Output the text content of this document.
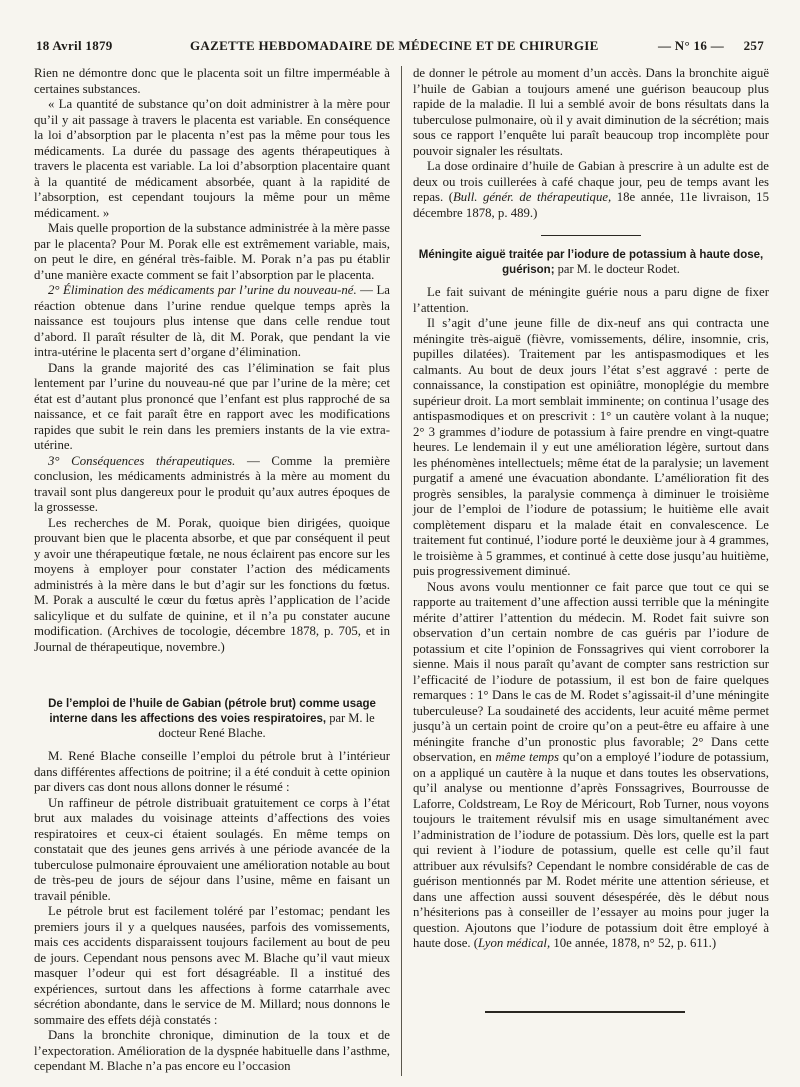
18 Avril 1879	GAZETTE HEBDOMADAIRE DE MÉDECINE ET DE CHIRURGIE	— N° 16 —	257

Rien ne démontre donc que le placenta soit un filtre imperméable à certaines substances.

« La quantité de substance qu’on doit administrer à la mère pour qu’il y ait passage à travers le placenta est variable. En conséquence la loi d’absorption par le placenta n’est pas la même pour tous les médicaments. La durée du passage des agents thérapeutiques à travers le placenta est variable. La loi d’absorption placentaire quant à la quantité de médicament absorbée, quant à la rapidité de l’absorption, est cependant toujours la même pour un même médicament. »

Mais quelle proportion de la substance administrée à la mère passe par le placenta? Pour M. Porak elle est extrêmement variable, mais, on peut le dire, en général très-faible. M. Porak n’a pas pu établir d’une manière exacte comment se fait l’absorption par le placenta.

2° Élimination des médicaments par l’urine du nouveau-né. — La réaction obtenue dans l’urine rendue quelque temps après la naissance est toujours plus intense que dans celle rendue tout d’abord. Il paraît résulter de là, dit M. Porak, que pendant la vie intra-utérine le placenta sert d’organe d’élimination.

Dans la grande majorité des cas l’élimination se fait plus lentement par l’urine du nouveau-né que par l’urine de la mère; cet état est d’autant plus prononcé que l’enfant est plus rapproché de sa naissance, et ce fait paraît être en rapport avec les modifications rapides que subit le rein dans les premiers instants de la vie extra-utérine.

3° Conséquences thérapeutiques. — Comme la première conclusion, les médicaments administrés à la mère au moment du travail sont plus dangereux pour le produit qu’aux autres époques de la grossesse.

Les recherches de M. Porak, quoique bien dirigées, quoique prouvant bien que le placenta absorbe, et que par conséquent il peut y avoir une thérapeutique fœtale, ne nous éclairent pas encore sur les moyens à employer pour constater l’action des médicaments administrés à la mère dans le but d’agir sur les fonctions du fœtus. M. Porak a ausculté le cœur du fœtus après l’application de l’acide salicylique et du sulfate de quinine, et il n’a pu constater aucune modification. (Archives de tocologie, décembre 1878, p. 705, et in Journal de thérapeutique, novembre.)

De l’emploi de l’huile de Gabian (pétrole brut) comme usage interne dans les affections des voies respiratoires, par M. le docteur René Blache.

M. René Blache conseille l’emploi du pétrole brut à l’intérieur dans différentes affections de poitrine; il a été conduit à cette opinion par divers cas dont nous allons donner le résumé :

Un raffineur de pétrole distribuait gratuitement ce corps à l’état brut aux malades du voisinage atteints d’affections des voies respiratoires et ceux-ci étaient soulagés. En même temps on constatait que des jeunes gens arrivés à une période avancée de la tuberculose pulmonaire éprouvaient une amélioration notable au bout de très-peu de jours de séjour dans l’usine, même en faisant un travail pénible.

Le pétrole brut est facilement toléré par l’estomac; pendant les premiers jours il y a quelques nausées, parfois des vomissements, mais ces accidents disparaissent toujours facilement au bout de peu de jours. Cependant nous pensons avec M. Blache qu’il vaut mieux masquer l’odeur qui est fort désagréable. Il a institué des expériences, surtout dans les affections à forme catarrhale avec sécrétion abondante, dans le service de M. Millard; nous donnons le sommaire des effets déjà constatés :

Dans la bronchite chronique, diminution de la toux et de l’expectoration. Amélioration de la dyspnée habituelle dans l’asthme, cependant M. Blache n’a pas encore eu l’occasion

de donner le pétrole au moment d’un accès. Dans la bronchite aiguë l’huile de Gabian a toujours amené une guérison beaucoup plus rapide de la maladie. Il lui a semblé avoir de bons résultats dans la tuberculose pulmonaire, où il y avait diminution de la sécrétion; mais sous ce rapport l’enquête lui paraît beaucoup trop incomplète pour pouvoir signaler les résultats.

La dose ordinaire d’huile de Gabian à prescrire à un adulte est de deux ou trois cuillerées à café chaque jour, peu de temps avant les repas. (Bull. génér. de thérapeutique, 18e année, 11e livraison, 15 décembre 1878, p. 489.)

Méningite aiguë traitée par l’iodure de potassium à haute dose, guérison; par M. le docteur Rodet.

Le fait suivant de méningite guérie nous a paru digne de fixer l’attention.

Il s’agit d’une jeune fille de dix-neuf ans qui contracta une méningite très-aiguë (fièvre, vomissements, délire, insomnie, cris, pupilles dilatées). Traitement par les antispasmodiques et les calmants. Au bout de deux jours l’état s’est aggravé : perte de connaissance, la constipation est opiniâtre, monoplégie du membre supérieur droit. La mort semblait imminente; on continua l’usage des antispasmodiques et on prescrivit : 1° un cautère volant à la nuque; 2° 3 grammes d’iodure de potassium à faire prendre en vingt-quatre heures. Le lendemain il y eut une amélioration légère, surtout dans les phénomènes intellectuels; même état de la paralysie; un lavement purgatif a amené une évacuation abondante. L’amélioration fit des progrès sensibles, la paralysie commença à diminuer le troisième jour de l’emploi de l’iodure de potassium; le huitième elle avait complètement disparu et la malade était en convalescence. Le traitement fut continué, l’iodure porté le deuxième jour à 4 grammes, le troisième à 5 grammes, et continué à cette dose jusqu’au huitième, puis progressivement diminué.

Nous avons voulu mentionner ce fait parce que tout ce qui se rapporte au traitement d’une affection aussi terrible que la méningite mérite d’attirer l’attention du médecin. M. Rodet fait suivre son observation d’un certain nombre de cas guéris par l’iodure de potassium et cite l’opinion de Fonssagrives qui vient corroborer la sienne. Mais il nous paraît qu’avant de compter sans restriction sur l’efficacité de l’iodure de potassium, il est bon de faire quelques remarques : 1° Dans le cas de M. Rodet s’agissait-il d’une méningite tuberculeuse? La soudaineté des accidents, leur acuité même permet jusqu’à un certain point de croire qu’on a peut-être eu affaire à une méningite franche d’un pronostic plus favorable; 2° Dans cette observation, en même temps qu’on a employé l’iodure de potassium, on a appliqué un cautère à la nuque et dans toutes les observations, qu’il analyse ou mentionne d’après Fonssagrives, Bourrousse de Laforre, Coldstream, Le Roy de Méricourt, Rob Turner, nous voyons toujours le traitement révulsif mis en usage simultanément avec l’administration de l’iodure de potassium. Dès lors, quelle est la part qui revient à l’iodure de potassium, quelle est celle qu’il faut attribuer aux révulsifs? Cependant le nombre considérable de cas de guérison mentionnés par M. Rodet mérite une attention sérieuse, et dans une affection aussi souvent désespérée, dès le début nous n’hésiterions pas à conseiller de l’essayer au moins pour juger la question. Ajoutons que l’iodure de potassium doit être employé à haute dose. (Lyon médical, 10e année, 1878, n° 52, p. 611.)
